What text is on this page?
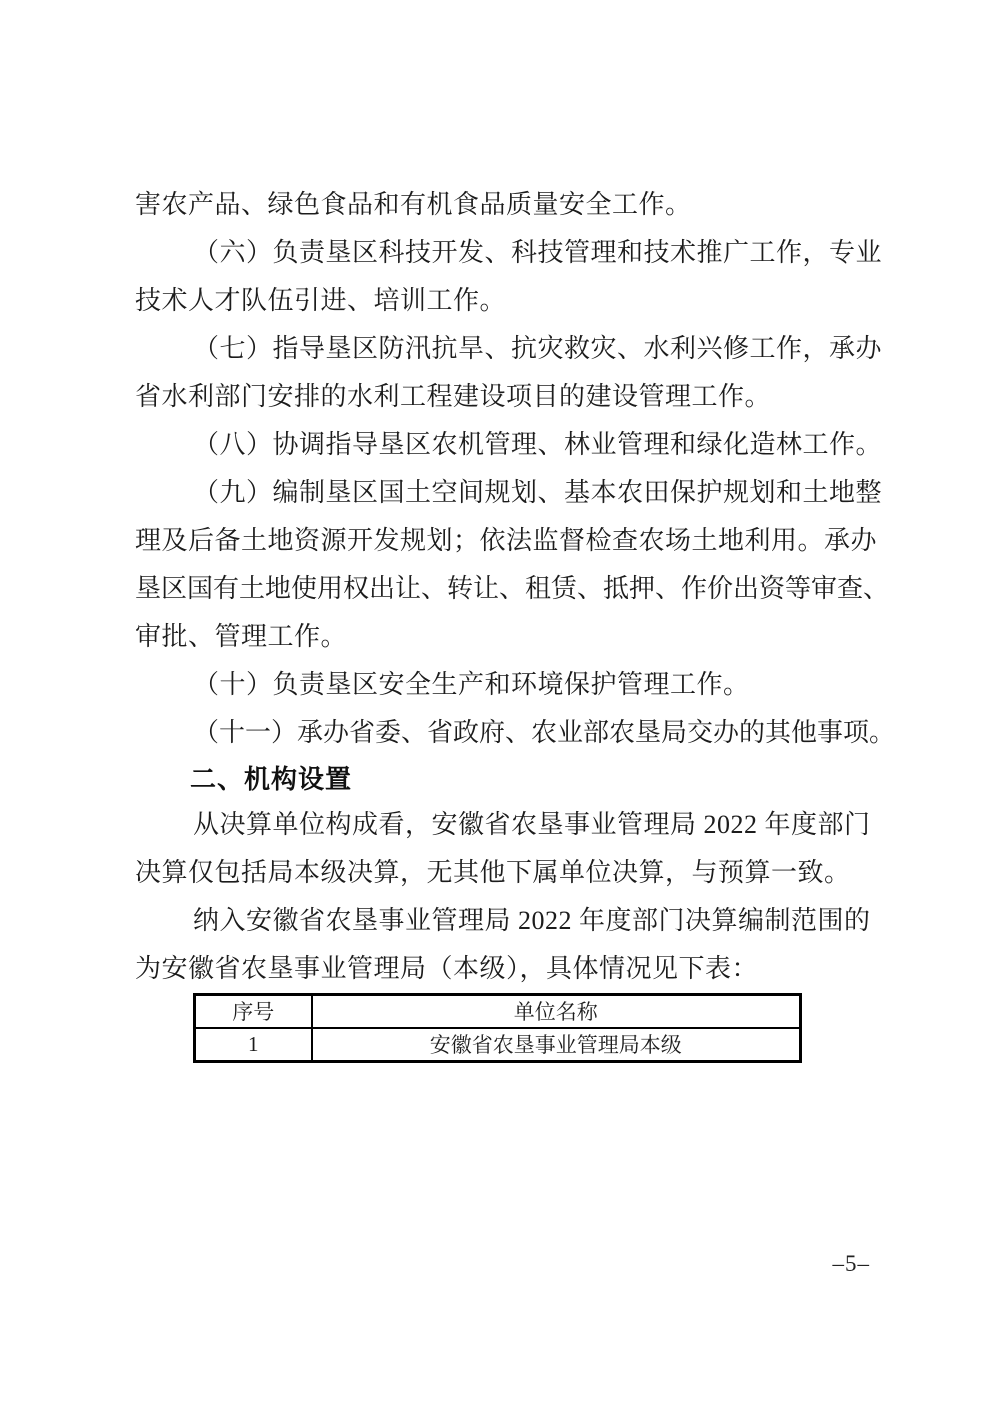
害农产品、绿色食品和有机食品质量安全工作。
（六）负责垦区科技开发、科技管理和技术推广工作，专业
技术人才队伍引进、培训工作。
（七）指导垦区防汛抗旱、抗灾救灾、水利兴修工作，承办
省水利部门安排的水利工程建设项目的建设管理工作。
（八）协调指导垦区农机管理、林业管理和绿化造林工作。
（九）编制垦区国土空间规划、基本农田保护规划和土地整
理及后备土地资源开发规划；依法监督检查农场土地利用。承办
垦区国有土地使用权出让、转让、租赁、抵押、作价出资等审查、
审批、管理工作。
（十）负责垦区安全生产和环境保护管理工作。
（十一）承办省委、省政府、农业部农垦局交办的其他事项。
二、机构设置
从决算单位构成看，安徽省农垦事业管理局 2022 年度部门
决算仅包括局本级决算，无其他下属单位决算，与预算一致。
纳入安徽省农垦事业管理局 2022 年度部门决算编制范围的
为安徽省农垦事业管理局（本级），具体情况见下表：
序号	单位名称
1	安徽省农垦事业管理局本级
–5–
